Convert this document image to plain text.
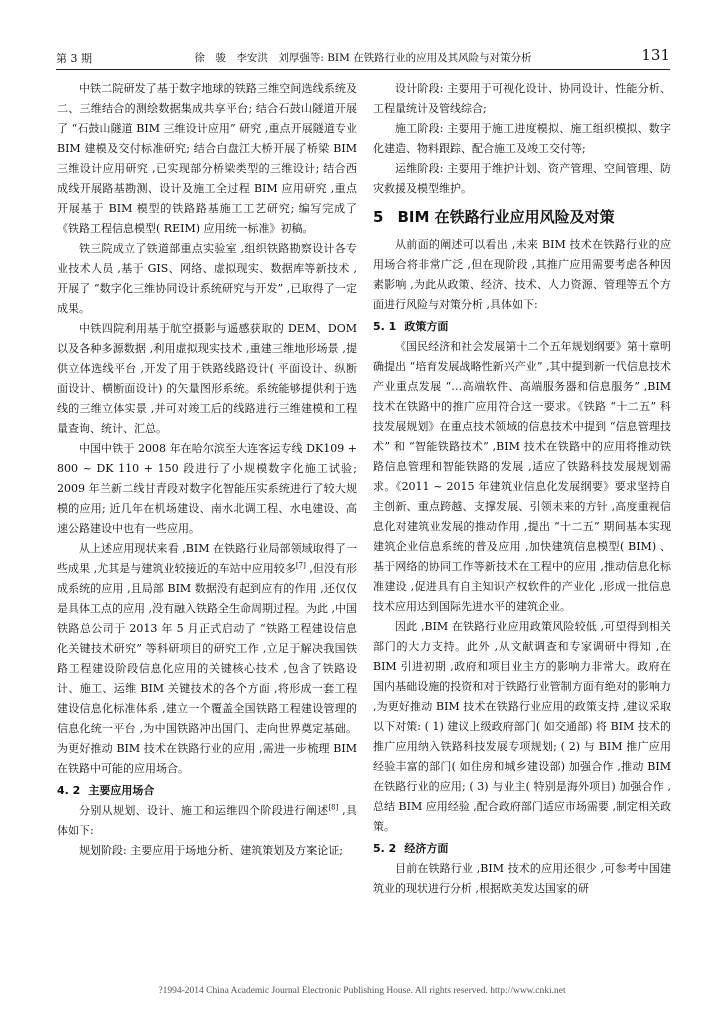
第 3 期	徐　骏　李安洪　刘厚强等: BIM 在铁路行业的应用及其风险与对策分析	131

中铁二院研发了基于数字地球的铁路三维空间选线系统及二、三维结合的测绘数据集成共享平台; 结合石鼓山隧道开展了 “石鼓山隧道 BIM 三维设计应用” 研究 ,重点开展隧道专业 BIM 建模及交付标准研究; 结合白盘江大桥开展了桥梁 BIM 三维设计应用研究 ,已实现部分桥梁类型的三维设计; 结合西成线开展路基勘测、设计及施工全过程 BIM 应用研究 ,重点开展基于 BIM 模型的铁路路基施工工艺研究; 编写完成了《铁路工程信息模型( REIM) 应用统一标准》初稿。

铁三院成立了铁道部重点实验室 ,组织铁路勘察设计各专业技术人员 ,基于 GIS、网络、虚拟现实、数据库等新技术 ,开展了 “数字化三维协同设计系统研究与开发” ,已取得了一定成果。

中铁四院利用基于航空摄影与遥感获取的 DEM、DOM 以及各种多源数据 ,利用虚拟现实技术 ,重建三维地形场景 ,提供立体选线平台 ,开发了用于铁路线路设计( 平面设计、纵断面设计、横断面设计) 的矢量图形系统。系统能够提供利于选线的三维立体实景 ,并可对竣工后的线路进行三维建模和工程量查询、统计、汇总。

中国中铁于 2008 年在哈尔滨至大连客运专线 DK109 + 800 ~ DK 110 + 150 段进行了小规模数字化施工试验; 2009 年兰新二线甘青段对数字化智能压实系统进行了较大规模的应用; 近几年在机场建设、南水北调工程、水电建设、高速公路建设中也有一些应用。

从上述应用现状来看 ,BIM 在铁路行业局部领域取得了一些成果 ,尤其是与建筑业较接近的车站中应用较多[7] ,但没有形成系统的应用 ,且局部 BIM 数据没有起到应有的作用 ,还仅仅是具体工点的应用 ,没有融入铁路全生命周期过程。为此 ,中国铁路总公司于 2013 年 5 月正式启动了 “铁路工程建设信息化关键技术研究” 等科研项目的研究工作 ,立足于解决我国铁路工程建设阶段信息化应用的关键核心技术 ,包含了铁路设计、施工、运维 BIM 关键技术的各个方面 ,将形成一套工程建设信息化标准体系 ,建立一个覆盖全国铁路工程建设管理的信息化统一平台 ,为中国铁路冲出国门、走向世界奠定基础。为更好推动 BIM 技术在铁路行业的应用 ,需进一步梳理 BIM 在铁路中可能的应用场合。

4. 2 主要应用场合

分别从规划、设计、施工和运维四个阶段进行阐述[8] ,具体如下:

规划阶段: 主要应用于场地分析、建筑策划及方案论证;

设计阶段: 主要用于可视化设计、协同设计、性能分析、工程量统计及管线综合;

施工阶段: 主要用于施工进度模拟、施工组织模拟、数字化建造、物料跟踪、配合施工及竣工交付等;

运维阶段: 主要用于维护计划、资产管理、空间管理、防灾救援及模型维护。

5 BIM 在铁路行业应用风险及对策

从前面的阐述可以看出 ,未来 BIM 技术在铁路行业的应用场合将非常广泛 ,但在现阶段 ,其推广应用需要考虑各种因素影响 ,为此从政策、经济、技术、人力资源、管理等五个方面进行风险与对策分析 ,具体如下:

5. 1 政策方面

《国民经济和社会发展第十二个五年规划纲要》第十章明确提出 “培育发展战略性新兴产业” ,其中提到新一代信息技术产业重点发展 “…高端软件、高端服务器和信息服务” ,BIM 技术在铁路中的推广应用符合这一要求。《铁路 “十二五” 科技发展规划》在重点技术领域的信息技术中提到 “信息管理技术” 和 “智能铁路技术” ,BIM 技术在铁路中的应用将推动铁路信息管理和智能铁路的发展 ,适应了铁路科技发展规划需求。《2011 ~ 2015 年建筑业信息化发展纲要》要求坚持自主创新、重点跨越、支撑发展、引领未来的方针 ,高度重视信息化对建筑业发展的推动作用 ,提出 “十二五” 期间基本实现建筑企业信息系统的普及应用 ,加快建筑信息模型( BIM) 、基于网络的协同工作等新技术在工程中的应用 ,推动信息化标准建设 ,促进具有自主知识产权软件的产业化 ,形成一批信息技术应用达到国际先进水平的建筑企业。

因此 ,BIM 在铁路行业应用政策风险较低 ,可望得到相关部门的大力支持。此外 ,从文献调查和专家调研中得知 ,在 BIM 引进初期 ,政府和项目业主方的影响力非常大。政府在国内基础设施的投资和对于铁路行业管制方面有绝对的影响力 ,为更好推动 BIM 技术在铁路行业应用的政策支持 ,建议采取以下对策: ( 1) 建议上级政府部门( 如交通部) 将 BIM 技术的推广应用纳入铁路科技发展专项规划; ( 2) 与 BIM 推广应用经验丰富的部门( 如住房和城乡建设部) 加强合作 ,推动 BIM 在铁路行业的应用; ( 3) 与业主( 特别是海外项目) 加强合作 ,总结 BIM 应用经验 ,配合政府部门适应市场需要 ,制定相关政策。

5. 2 经济方面

目前在铁路行业 ,BIM 技术的应用还很少 ,可参考中国建筑业的现状进行分析 ,根据欧美发达国家的研

?1994-2014 China Academic Journal Electronic Publishing House. All rights reserved. http://www.cnki.net
